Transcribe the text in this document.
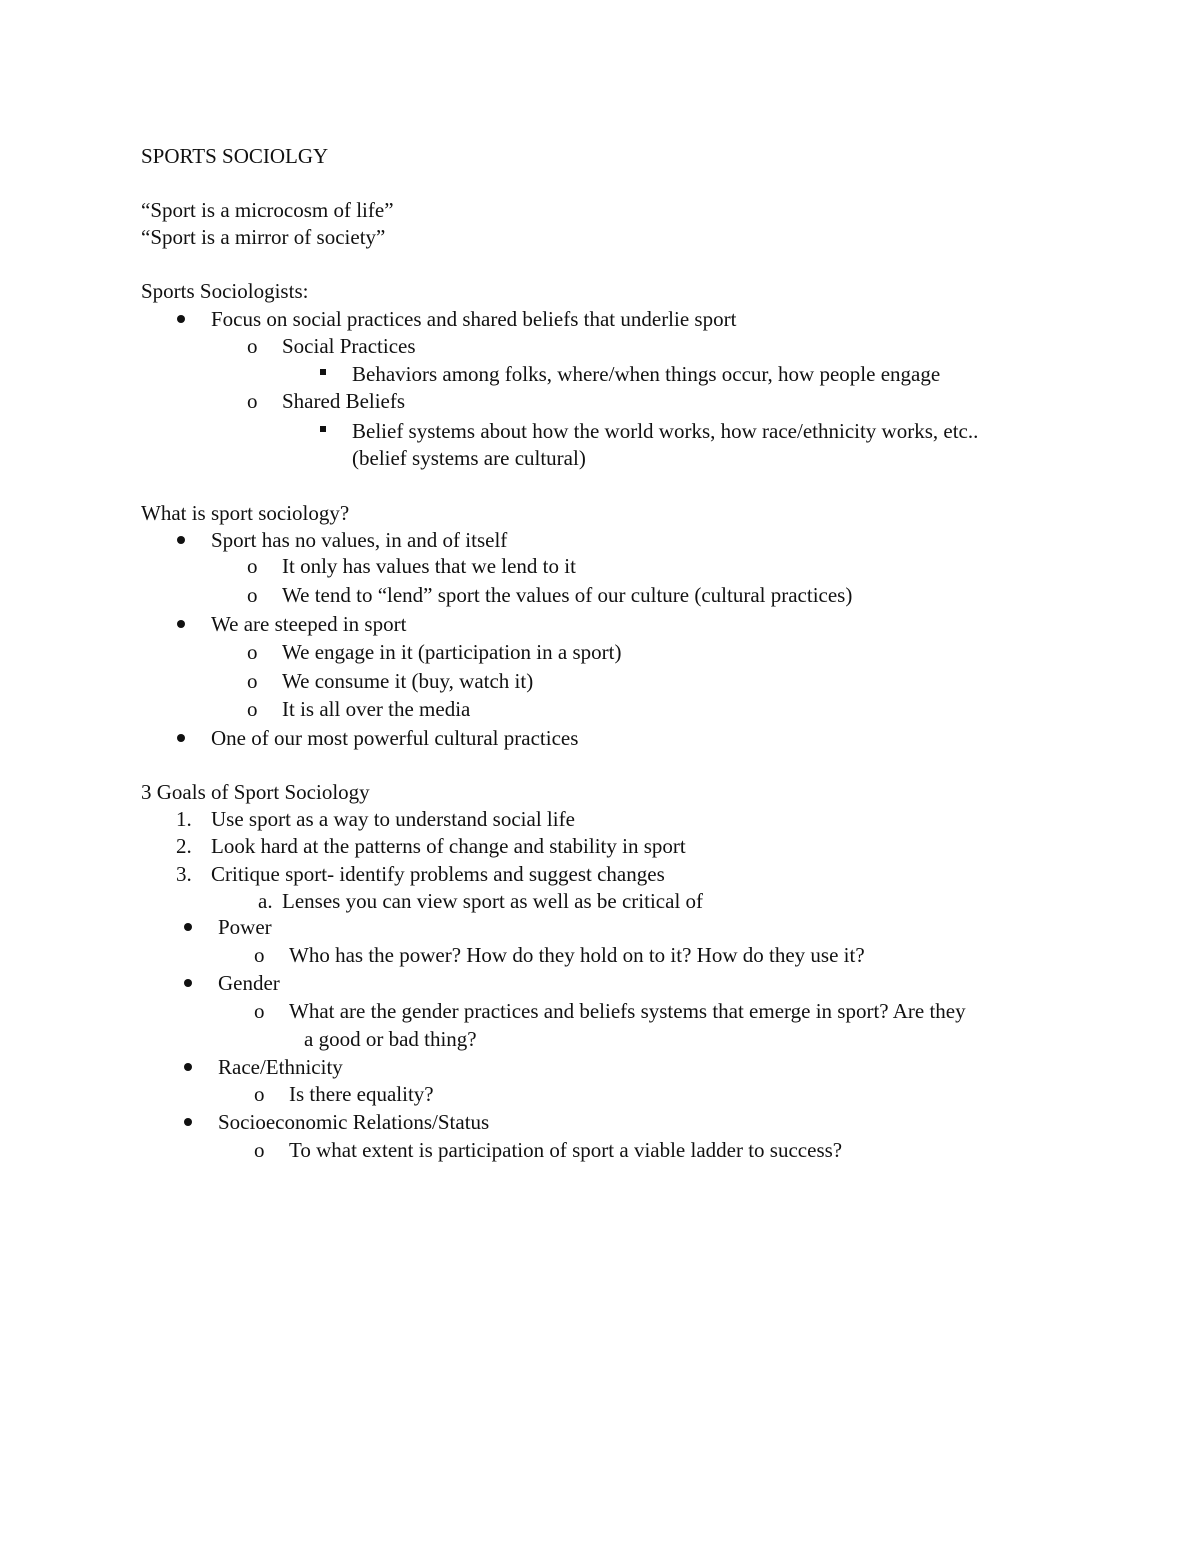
SPORTS SOCIOLGY
“Sport is a microcosm of life”
“Sport is a mirror of society”
Sports Sociologists:
Focus on social practices and shared beliefs that underlie sport
o Social Practices
Behaviors among folks, where/when things occur, how people engage
o Shared Beliefs
Belief systems about how the world works, how race/ethnicity works, etc..
(belief systems are cultural)
What is sport sociology?
Sport has no values, in and of itself
o It only has values that we lend to it
o We tend to “lend” sport the values of our culture (cultural practices)
We are steeped in sport
o We engage in it (participation in a sport)
o We consume it (buy, watch it)
o It is all over the media
One of our most powerful cultural practices
3 Goals of Sport Sociology
1. Use sport as a way to understand social life
2. Look hard at the patterns of change and stability in sport
3. Critique sport- identify problems and suggest changes
a. Lenses you can view sport as well as be critical of
Power
o Who has the power? How do they hold on to it? How do they use it?
Gender
o What are the gender practices and beliefs systems that emerge in sport? Are they
a good or bad thing?
Race/Ethnicity
o Is there equality?
Socioeconomic Relations/Status
o To what extent is participation of sport a viable ladder to success?
